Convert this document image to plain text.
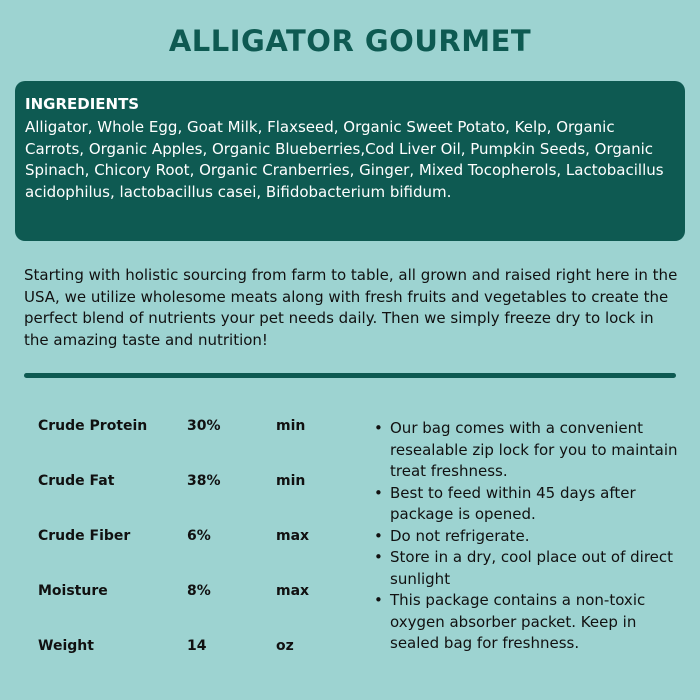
ALLIGATOR GOURMET
INGREDIENTS
Alligator, Whole Egg, Goat Milk, Flaxseed, Organic Sweet Potato, Kelp, Organic Carrots, Organic Apples, Organic Blueberries,Cod Liver Oil, Pumpkin Seeds, Organic Spinach, Chicory Root, Organic Cranberries, Ginger, Mixed Tocopherols, Lactobacillus acidophilus, lactobacillus casei, Bifidobacterium bifidum.
Starting with holistic sourcing from farm to table, all grown and raised right here in the USA, we utilize wholesome meats along with fresh fruits and vegetables to create the perfect blend of nutrients your pet needs daily. Then we simply freeze dry to lock in the amazing taste and nutrition!
Crude Protein	30%	min
Crude Fat	38%	min
Crude Fiber	6%	max
Moisture	8%	max
Weight	14	oz
• Our bag comes with a convenient resealable zip lock for you to maintain treat freshness.
• Best to feed within 45 days after package is opened.
• Do not refrigerate.
• Store in a dry, cool place out of direct sunlight
• This package contains a non-toxic oxygen absorber packet. Keep in sealed bag for freshness.
